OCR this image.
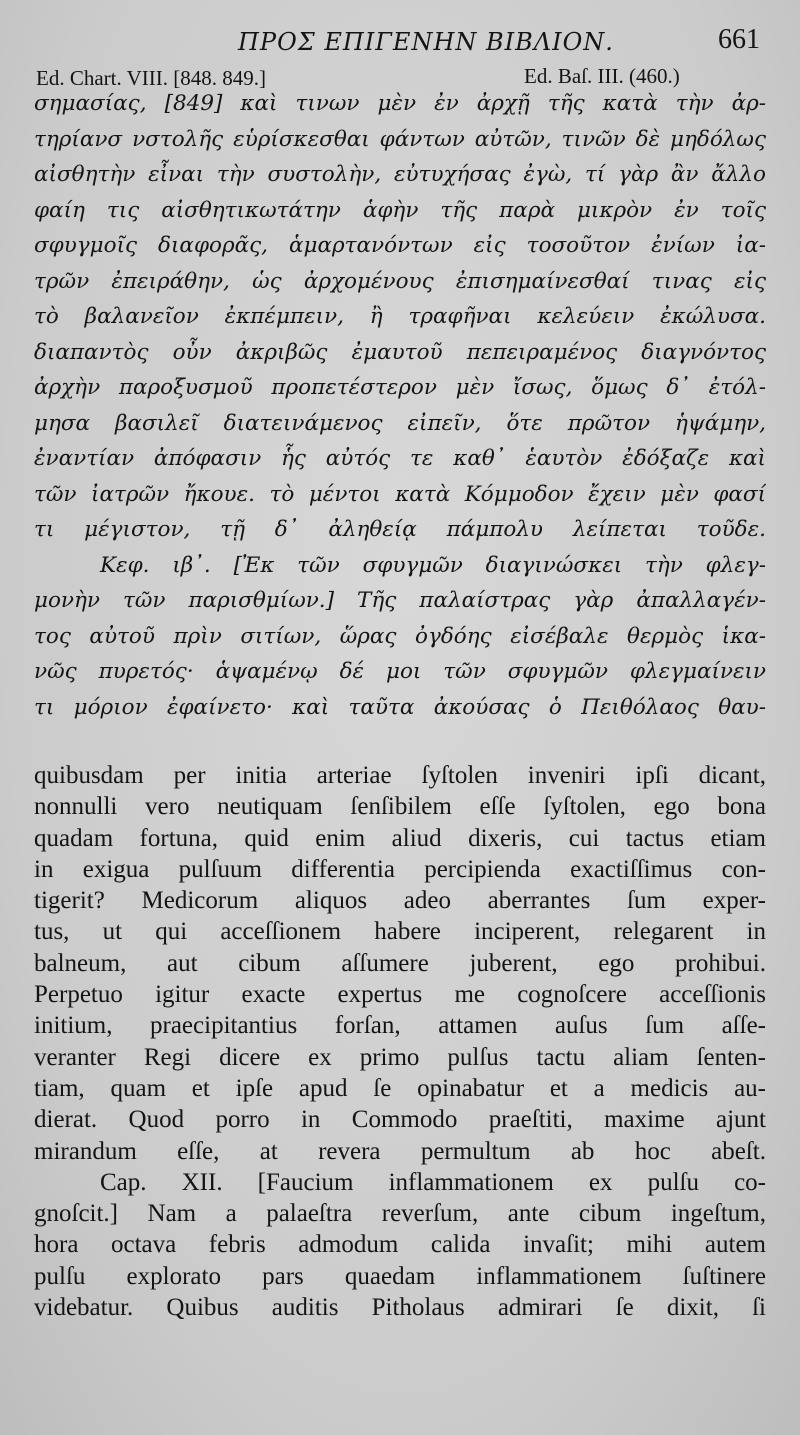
ΠΡΟΣ ΕΠΙΓΕΝΗΝ ΒΙΒΛΙΟΝ.	661
Ed. Chart. VIII. [848. 849.]	Ed. Baſ. III. (460.)
σημασίας, [849] καὶ τινων μὲν ἐν ἀρχῇ τῆς κατὰ τὴν ἀρ-
τηρίανσ νστολῆς εὑρίσκεσθαι φάντων αὐτῶν, τινῶν δὲ μηδόλως
αἰσθητὴν εἶναι τὴν συστολὴν, εὐτυχήσας ἐγὼ, τί γὰρ ἂν ἄλλο
φαίη τις αἰσθητικωτάτην ἁφὴν τῆς παρὰ μικρὸν ἐν τοῖς
σφυγμοῖς διαφορᾶς, ἁμαρτανόντων εἰς τοσοῦτον ἐνίων ἰα-
τρῶν ἐπειράθην, ὡς ἀρχομένους ἐπισημαίνεσθαί τινας εἰς
τὸ βαλανεῖον ἐκπέμπειν, ἢ τραφῆναι κελεύειν ἐκώλυσα.
διαπαντὸς οὖν ἀκριβῶς ἐμαυτοῦ πεπειραμένος διαγνόντος
ἀρχὴν παροξυσμοῦ προπετέστερον μὲν ἴσως, ὅμως δ᾿ ἐτόλ-
μησα βασιλεῖ διατεινάμενος εἰπεῖν, ὅτε πρῶτον ἡψάμην,
ἐναντίαν ἀπόφασιν ἧς αὐτός τε καθ᾿ ἑαυτὸν ἐδόξαζε καὶ
τῶν ἰατρῶν ἤκουε. τὸ μέντοι κατὰ Κόμμοδον ἔχειν μὲν φασί
τι μέγιστον, τῇ δ᾿ ἀληθείᾳ πάμπολυ λείπεται τοῦδε.
Κεφ. ιβ᾿. [Ἐκ τῶν σφυγμῶν διαγινώσκει τὴν φλεγ-
μονὴν τῶν παρισθμίων.] Τῆς παλαίστρας γὰρ ἀπαλλαγέν-
τος αὐτοῦ πρὶν σιτίων, ὥρας ὀγδόης εἰσέβαλε θερμὸς ἱκα-
νῶς πυρετός· ἁψαμένῳ δέ μοι τῶν σφυγμῶν φλεγμαίνειν
τι μόριον ἐφαίνετο· καὶ ταῦτα ἀκούσας ὁ Πειθόλαος θαυ-
quibusdam per initia arteriae ſyſtolen inveniri ipſi dicant,
nonnulli vero neutiquam ſenſibilem eſſe ſyſtolen, ego bona
quadam fortuna, quid enim aliud dixeris, cui tactus etiam
in exigua pulſuum differentia percipienda exactiſſimus con-
tigerit? Medicorum aliquos adeo aberrantes ſum exper-
tus, ut qui acceſſionem habere inciperent, relegarent in
balneum, aut cibum aſſumere juberent, ego prohibui.
Perpetuo igitur exacte expertus me cognoſcere acceſſionis
initium, praecipitantius forſan, attamen auſus ſum aſſe-
veranter Regi dicere ex primo pulſus tactu aliam ſenten-
tiam, quam et ipſe apud ſe opinabatur et a medicis au-
dierat. Quod porro in Commodo praeſtiti, maxime ajunt
mirandum eſſe, at revera permultum ab hoc abeſt.
Cap. XII. [Faucium inflammationem ex pulſu co-
gnoſcit.] Nam a palaeſtra reverſum, ante cibum ingeſtum,
hora octava febris admodum calida invaſit; mihi autem
pulſu explorato pars quaedam inflammationem ſuſtinere
videbatur. Quibus auditis Pitholaus admirari ſe dixit, ſi
